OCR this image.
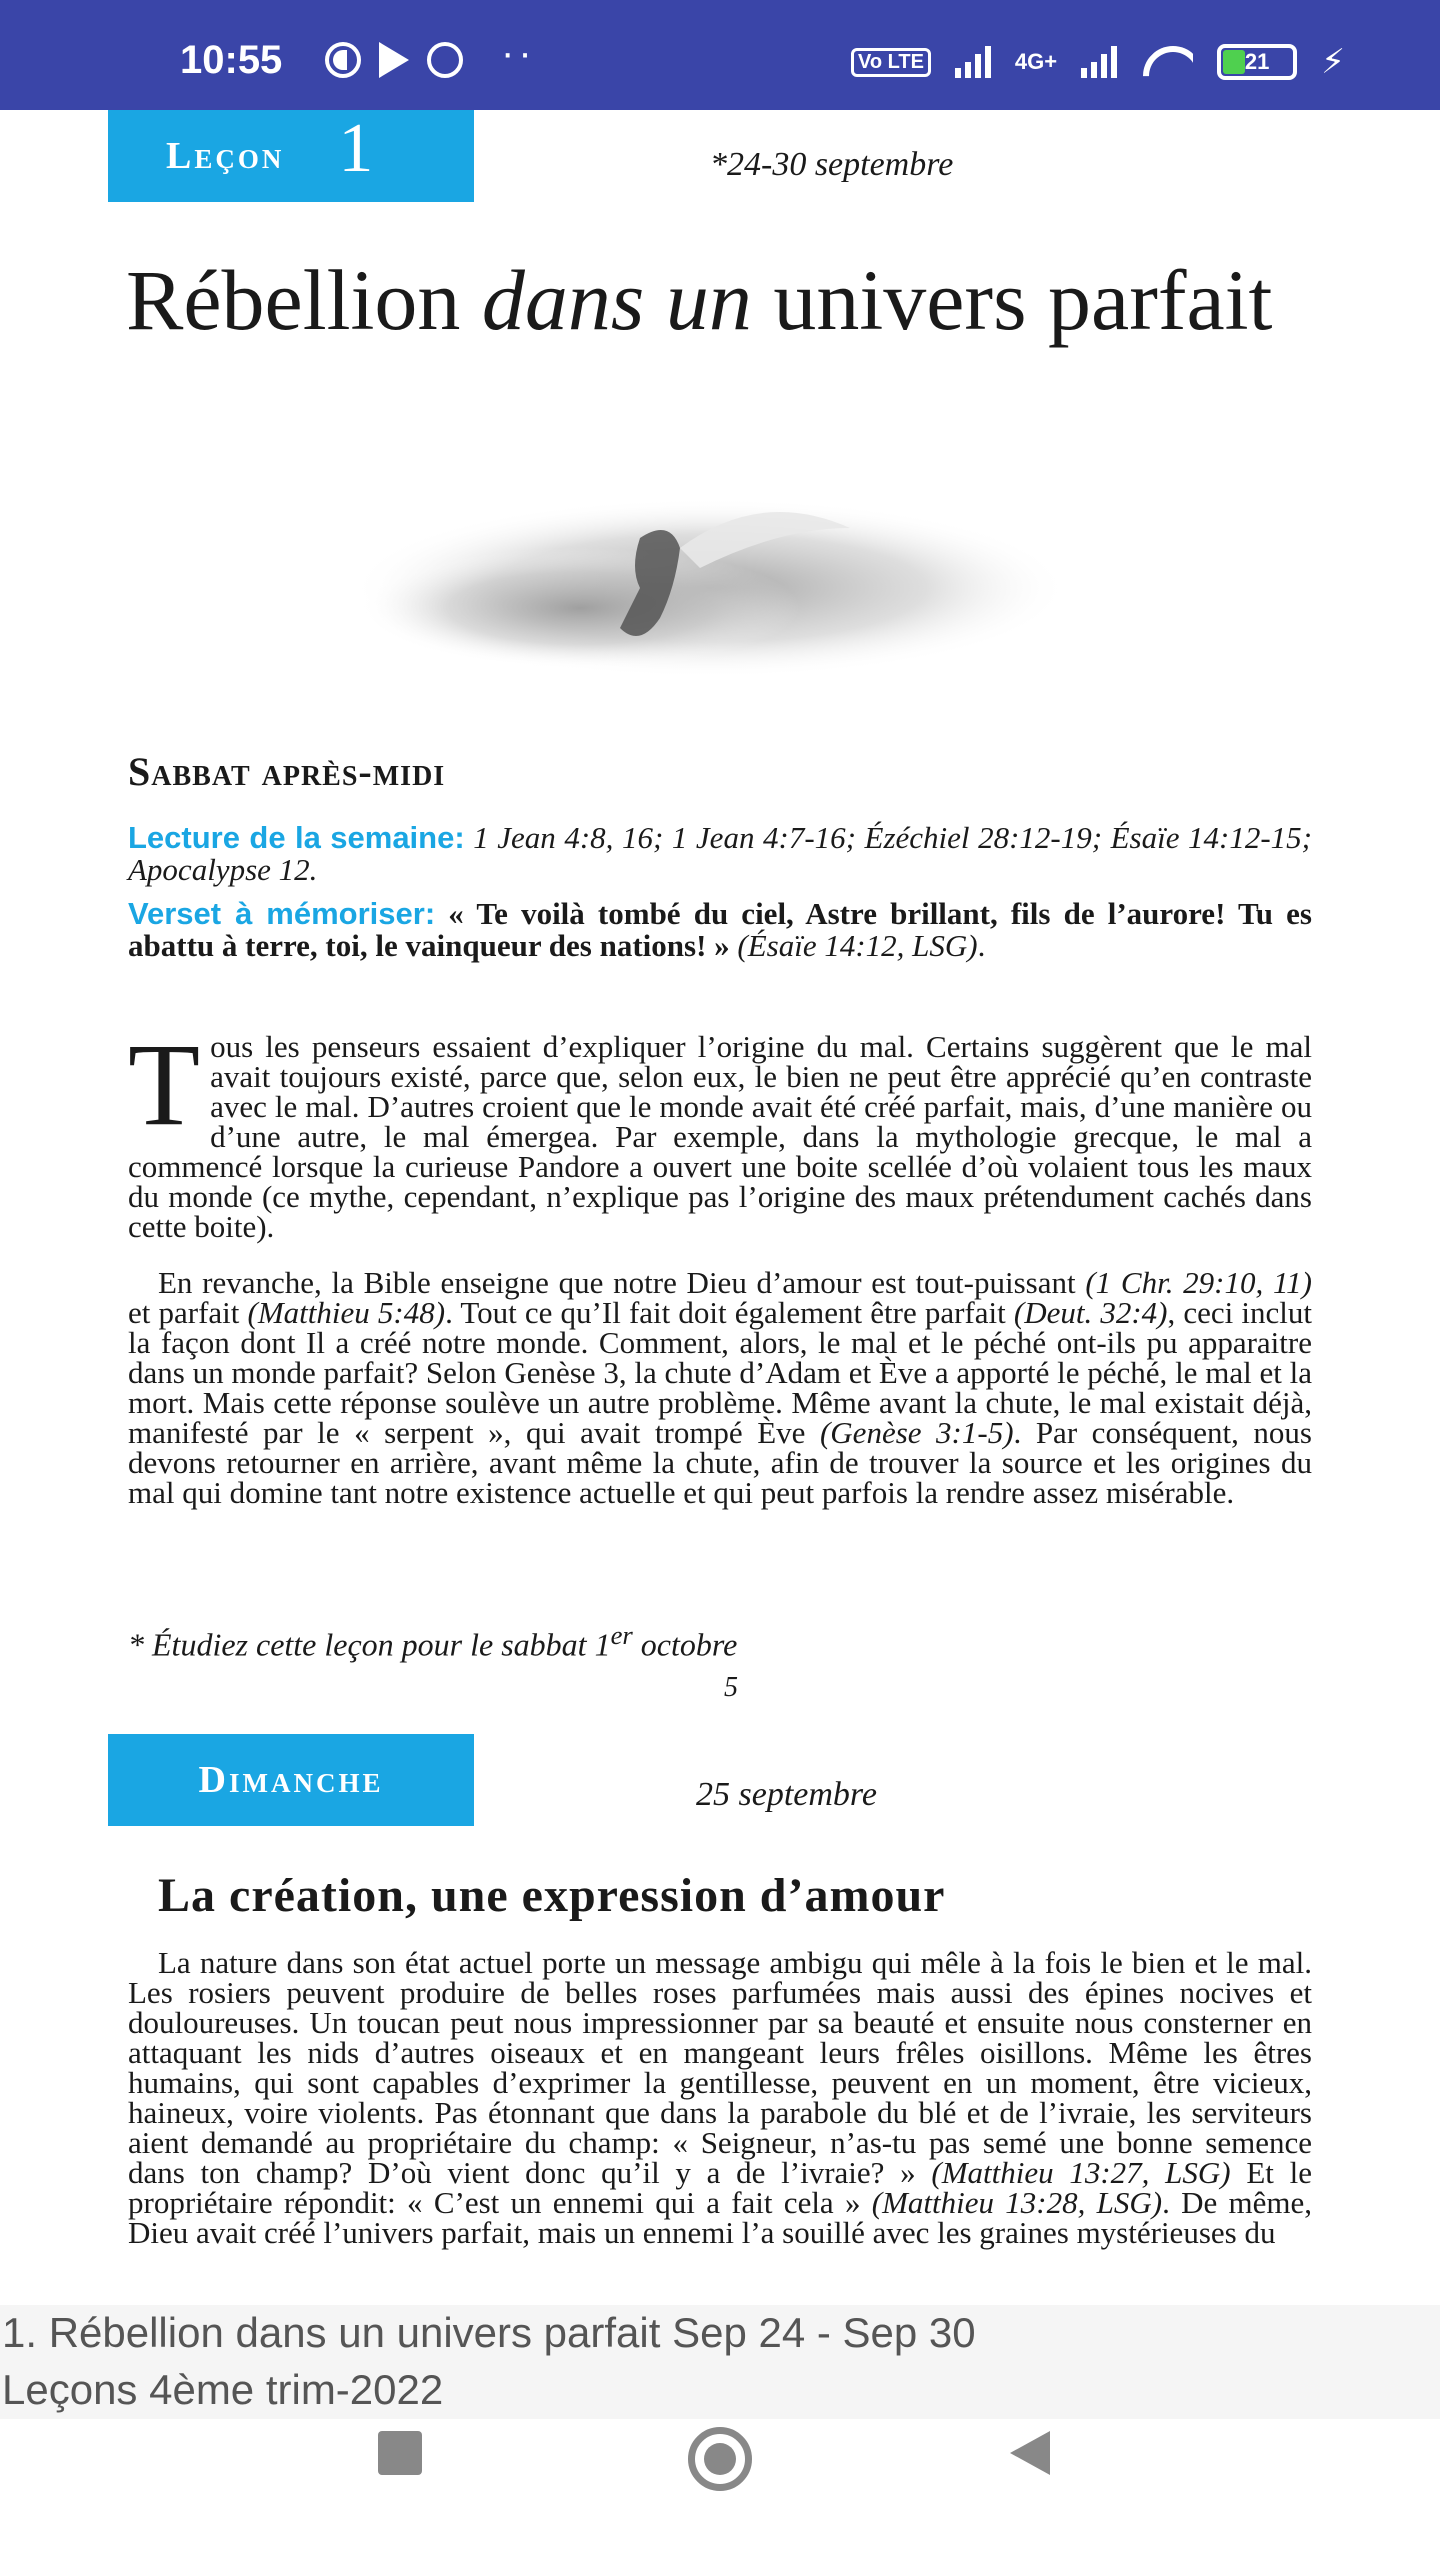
10:55	··	Vo LTE	4G+	21 ⚡
Leçon 1	*24-30 septembre
Rébellion dans un univers parfait
Sabbat après-midi
Lecture de la semaine: 1 Jean 4:8, 16; 1 Jean 4:7-16; Ézéchiel 28:12-19; Ésaïe 14:12-15; Apocalypse 12.
Verset à mémoriser: « Te voilà tombé du ciel, Astre brillant, fils de l’aurore! Tu es abattu à terre, toi, le vainqueur des nations! » (Ésaïe 14:12, LSG).

Tous les penseurs essaient d’expliquer l’origine du mal. Certains suggèrent que le mal avait toujours existé, parce que, selon eux, le bien ne peut être apprécié qu’en contraste avec le mal. D’autres croient que le monde avait été créé parfait, mais, d’une manière ou d’une autre, le mal émergea. Par exemple, dans la mythologie grecque, le mal a commencé lorsque la curieuse Pandore a ouvert une boite scellée d’où volaient tous les maux du monde (ce mythe, cependant, n’explique pas l’origine des maux prétendument cachés dans cette boite).

En revanche, la Bible enseigne que notre Dieu d’amour est tout-puissant (1 Chr. 29:10, 11) et parfait (Matthieu 5:48). Tout ce qu’Il fait doit également être parfait (Deut. 32:4), ceci inclut la façon dont Il a créé notre monde. Comment, alors, le mal et le péché ont-ils pu apparaitre dans un monde parfait? Selon Genèse 3, la chute d’Adam et Ève a apporté le péché, le mal et la mort. Mais cette réponse soulève un autre problème. Même avant la chute, le mal existait déjà, manifesté par le « serpent », qui avait trompé Ève (Genèse 3:1-5). Par conséquent, nous devons retourner en arrière, avant même la chute, afin de trouver la source et les origines du mal qui domine tant notre existence actuelle et qui peut parfois la rendre assez misérable.

* Étudiez cette leçon pour le sabbat 1er octobre
5
Dimanche	25 septembre
La création, une expression d’amour

La nature dans son état actuel porte un message ambigu qui mêle à la fois le bien et le mal. Les rosiers peuvent produire de belles roses parfumées mais aussi des épines nocives et douloureuses. Un toucan peut nous impressionner par sa beauté et ensuite nous consterner en attaquant les nids d’autres oiseaux et en mangeant leurs frêles oisillons. Même les êtres humains, qui sont capables d’exprimer la gentillesse, peuvent en un moment, être vicieux, haineux, voire violents. Pas étonnant que dans la parabole du blé et de l’ivraie, les serviteurs aient demandé au propriétaire du champ: « Seigneur, n’as-tu pas semé une bonne semence dans ton champ? D’où vient donc qu’il y a de l’ivraie? » (Matthieu 13:27, LSG) Et le propriétaire répondit: « C’est un ennemi qui a fait cela » (Matthieu 13:28, LSG). De même, Dieu avait créé l’univers parfait, mais un ennemi l’a souillé avec les graines mystérieuses du

1. Rébellion dans un univers parfait Sep 24 - Sep 30
Leçons 4ème trim-2022
